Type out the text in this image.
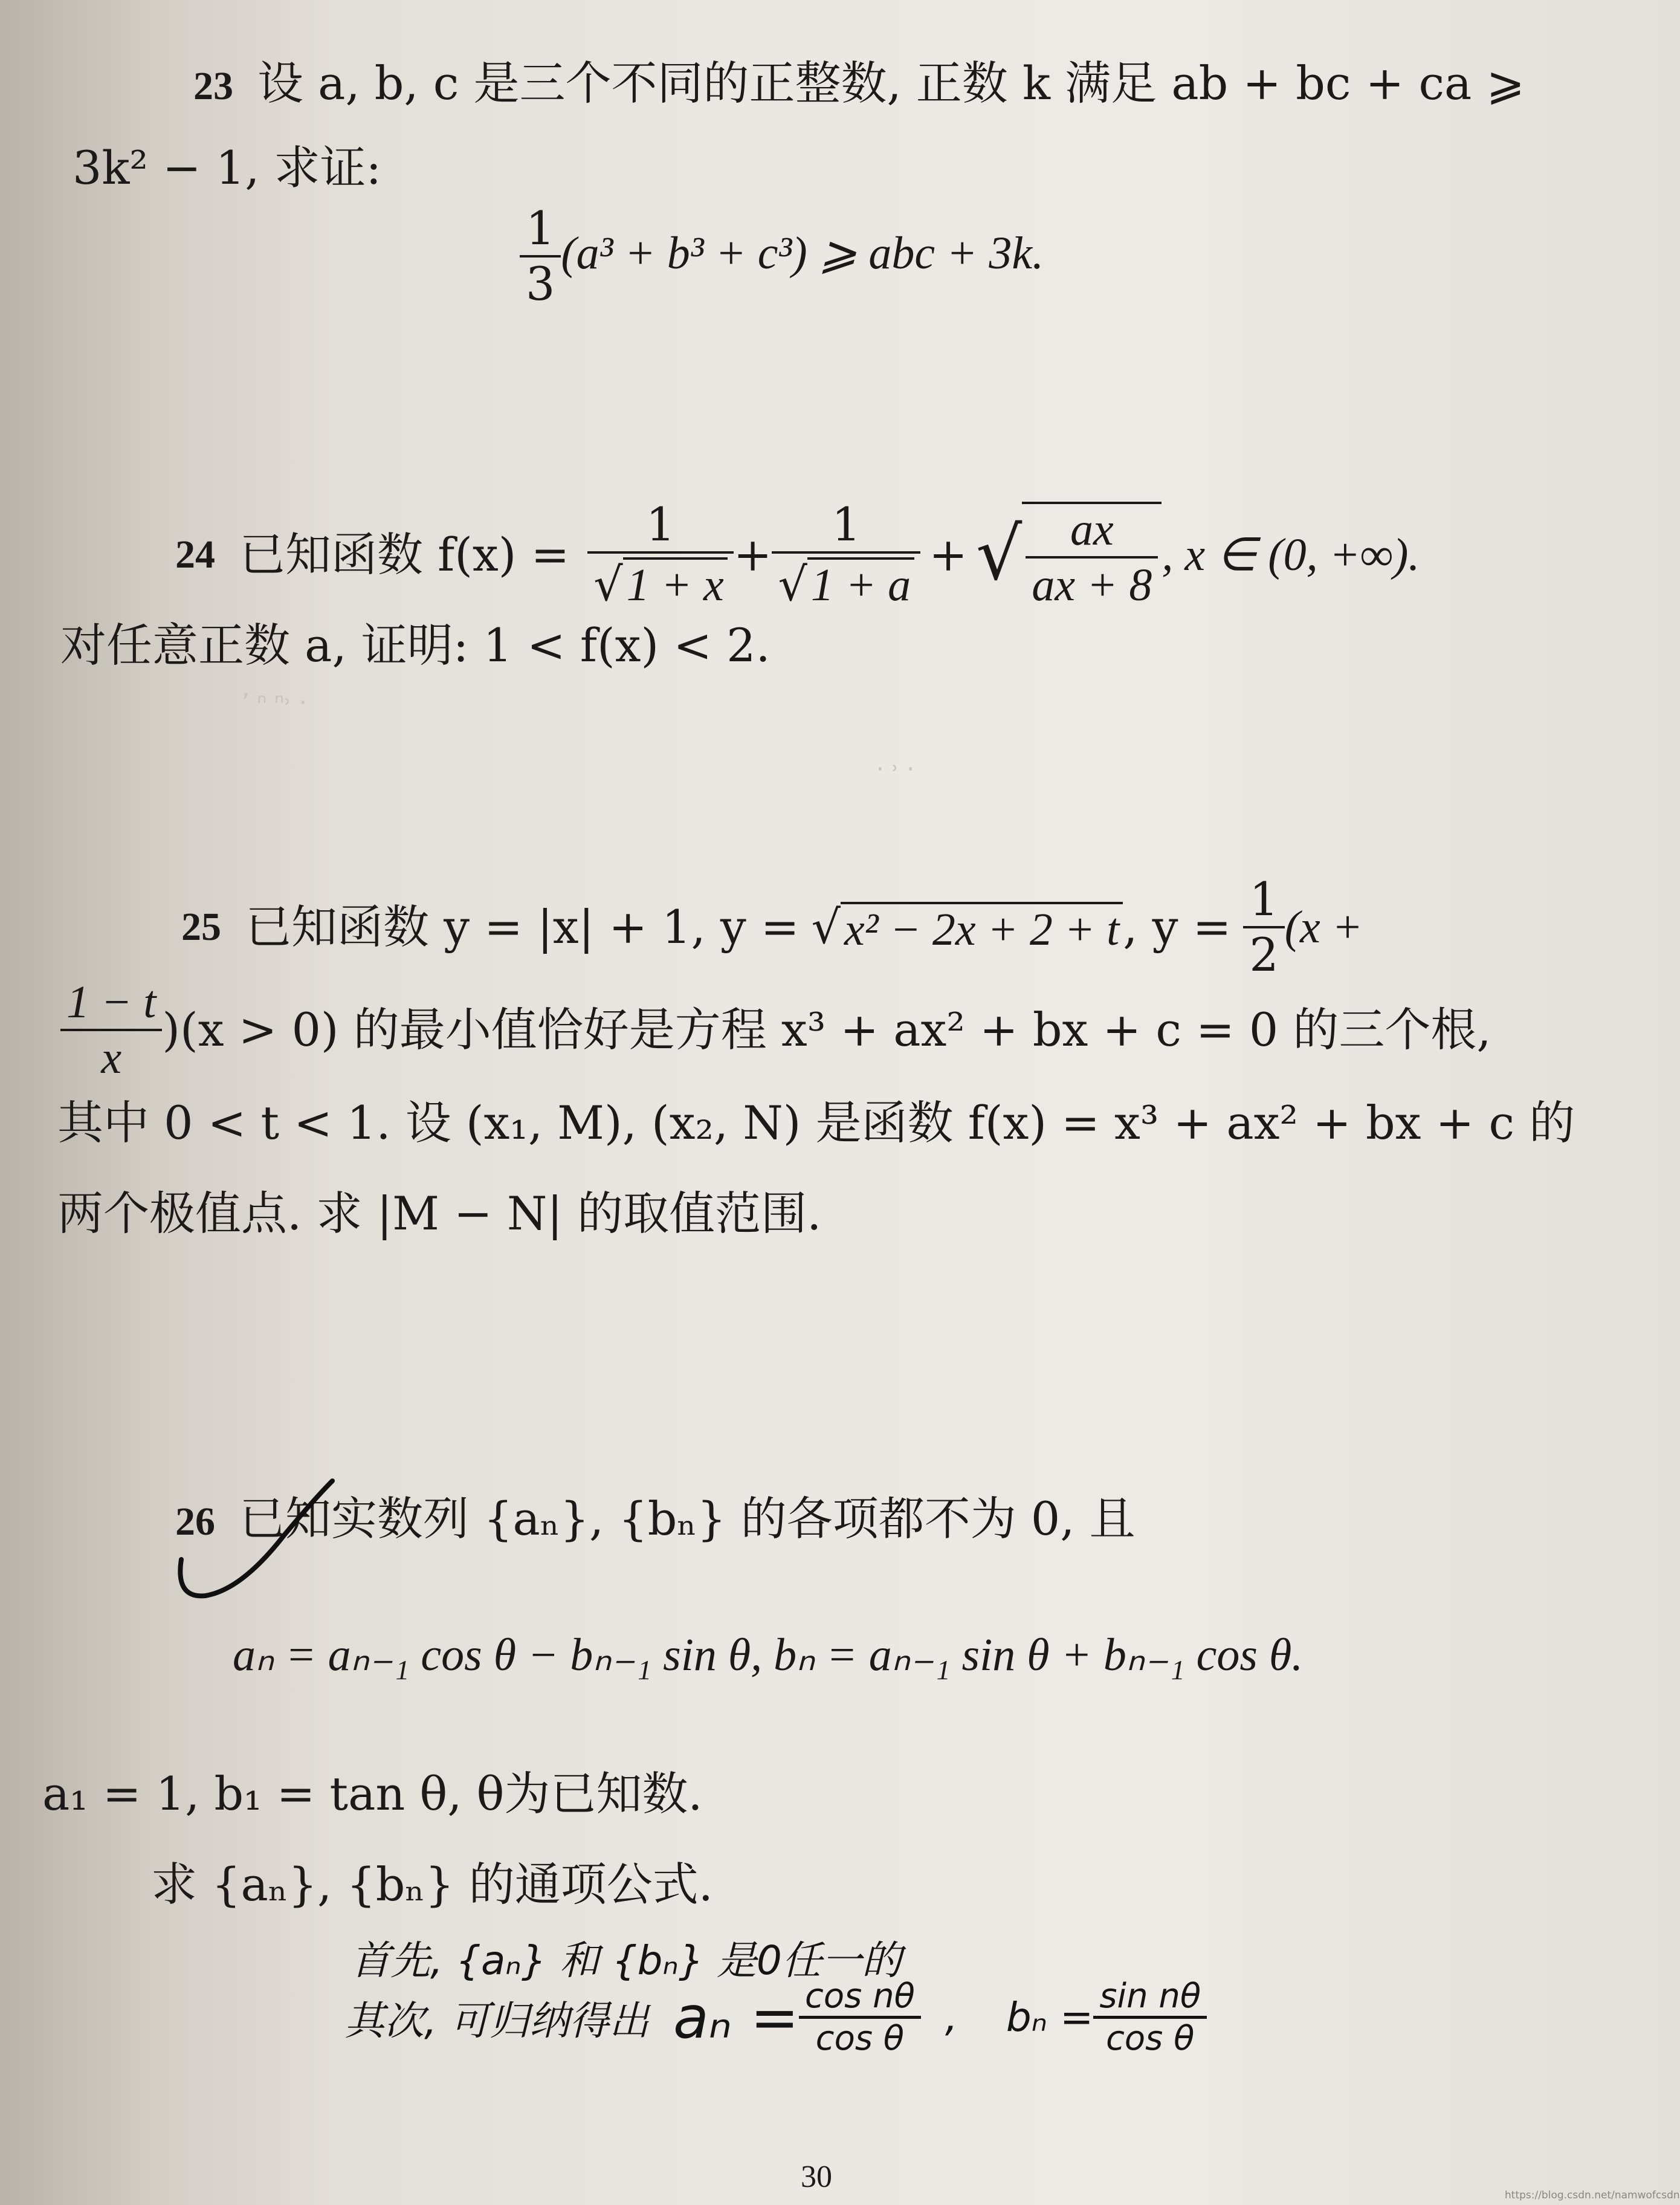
23 设 a, b, c 是三个不同的正整数, 正数 k 满足 ab + bc + ca ⩾
3k² − 1, 求证:
$\frac{1}{3} (a^3 + b^3 + c^3)$ ⩾ abc + 3k.
24 已知函数 $f(x) = \frac{1}{√1 + x} + \frac{1}{√1 + a}$ + √ $\frac{ax}{ax + 8}$ , x ∈ (0, +∞).
对任意正数 a, 证明: 1 < f(x) < 2.
ʼ ⁿ ⁿ˒ ·
· ˒ ·
25 已知函数 y = |x| + 1, y = √ x² − 2x + 2 + t , $y = \frac{1}{2} (x$ +
$\frac{1 - t}{x} )(x > 0)$ 的最小值恰好是方程 x³ + ax² + bx + c = 0 的三个根,
其中 0 < t < 1. 设 (x₁, M), (x₂, N) 是函数 f(x) = x³ + ax² + bx + c 的
两个极值点. 求 |M − N| 的取值范围.
26 已知实数列 {aₙ}, {bₙ} 的各项都不为 0, 且
aₙ = aₙ₋₁ cos θ − bₙ₋₁ sin θ, bₙ = aₙ₋₁ sin θ + bₙ₋₁ cos θ.
a₁ = 1, b₁ = tan θ, θ为已知数.
求 {aₙ}, {bₙ} 的通项公式.
首先, {aₙ} 和 {bₙ} 是0任一的
其次, 可归纳得出 $a_n = \frac{\text{cos nθ}}{\text{cos θ}}$ , $b_n = \frac{\text{sin nθ}}{\text{cos θ}}$
30
https://blog.csdn.net/namwofcsdn
